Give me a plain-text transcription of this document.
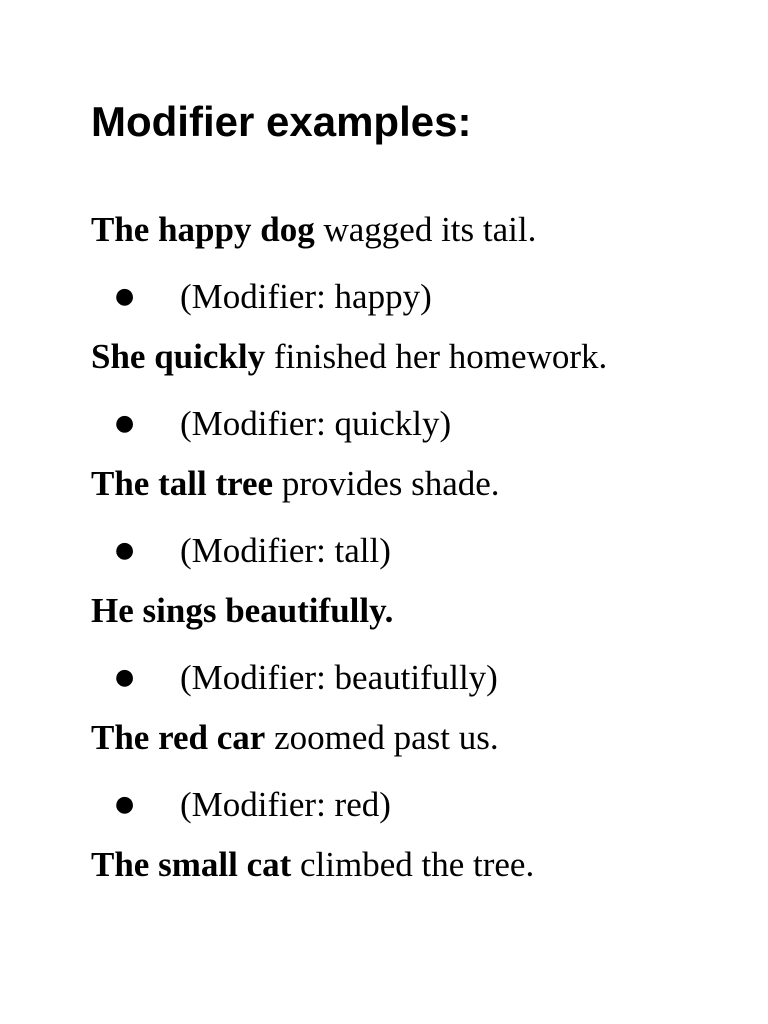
Modifier examples:

The happy dog wagged its tail.

● (Modifier: happy)

She quickly finished her homework.

● (Modifier: quickly)

The tall tree provides shade.

● (Modifier: tall)

He sings beautifully.

● (Modifier: beautifully)

The red car zoomed past us.

● (Modifier: red)

The small cat climbed the tree.
